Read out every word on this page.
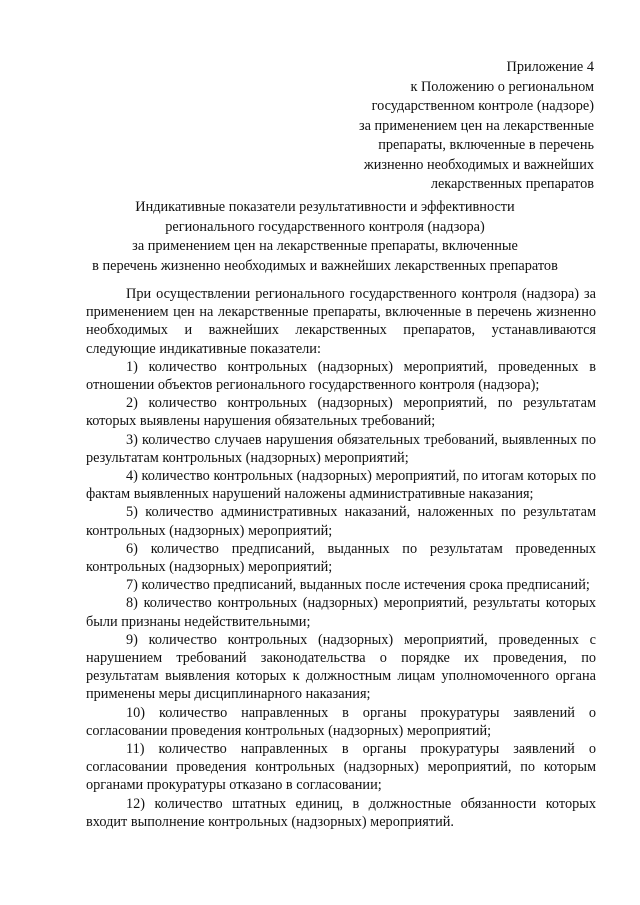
Приложение 4
к Положению о региональном
государственном контроле (надзоре)
за применением цен на лекарственные
препараты, включенные в перечень
жизненно необходимых и важнейших
лекарственных препаратов
Индикативные показатели результативности и эффективности
регионального государственного контроля (надзора)
за применением цен на лекарственные препараты, включенные
в перечень жизненно необходимых и важнейших лекарственных препаратов

При осуществлении регионального государственного контроля (надзора) за применением цен на лекарственные препараты, включенные в перечень жизненно необходимых и важнейших лекарственных препаратов, устанавливаются следующие индикативные показатели:

1) количество контрольных (надзорных) мероприятий, проведенных в отношении объектов регионального государственного контроля (надзора);

2) количество контрольных (надзорных) мероприятий, по результатам которых выявлены нарушения обязательных требований;

3) количество случаев нарушения обязательных требований, выявленных по результатам контрольных (надзорных) мероприятий;

4) количество контрольных (надзорных) мероприятий, по итогам которых по фактам выявленных нарушений наложены административные наказания;

5) количество административных наказаний, наложенных по результатам контрольных (надзорных) мероприятий;

6) количество предписаний, выданных по результатам проведенных контрольных (надзорных) мероприятий;

7) количество предписаний, выданных после истечения срока предписаний;

8) количество контрольных (надзорных) мероприятий, результаты которых были признаны недействительными;

9) количество контрольных (надзорных) мероприятий, проведенных с нарушением требований законодательства о порядке их проведения, по результатам выявления которых к должностным лицам уполномоченного органа применены меры дисциплинарного наказания;

10) количество направленных в органы прокуратуры заявлений о согласовании проведения контрольных (надзорных) мероприятий;

11) количество направленных в органы прокуратуры заявлений о согласовании проведения контрольных (надзорных) мероприятий, по которым органами прокуратуры отказано в согласовании;

12) количество штатных единиц, в должностные обязанности которых входит выполнение контрольных (надзорных) мероприятий.
